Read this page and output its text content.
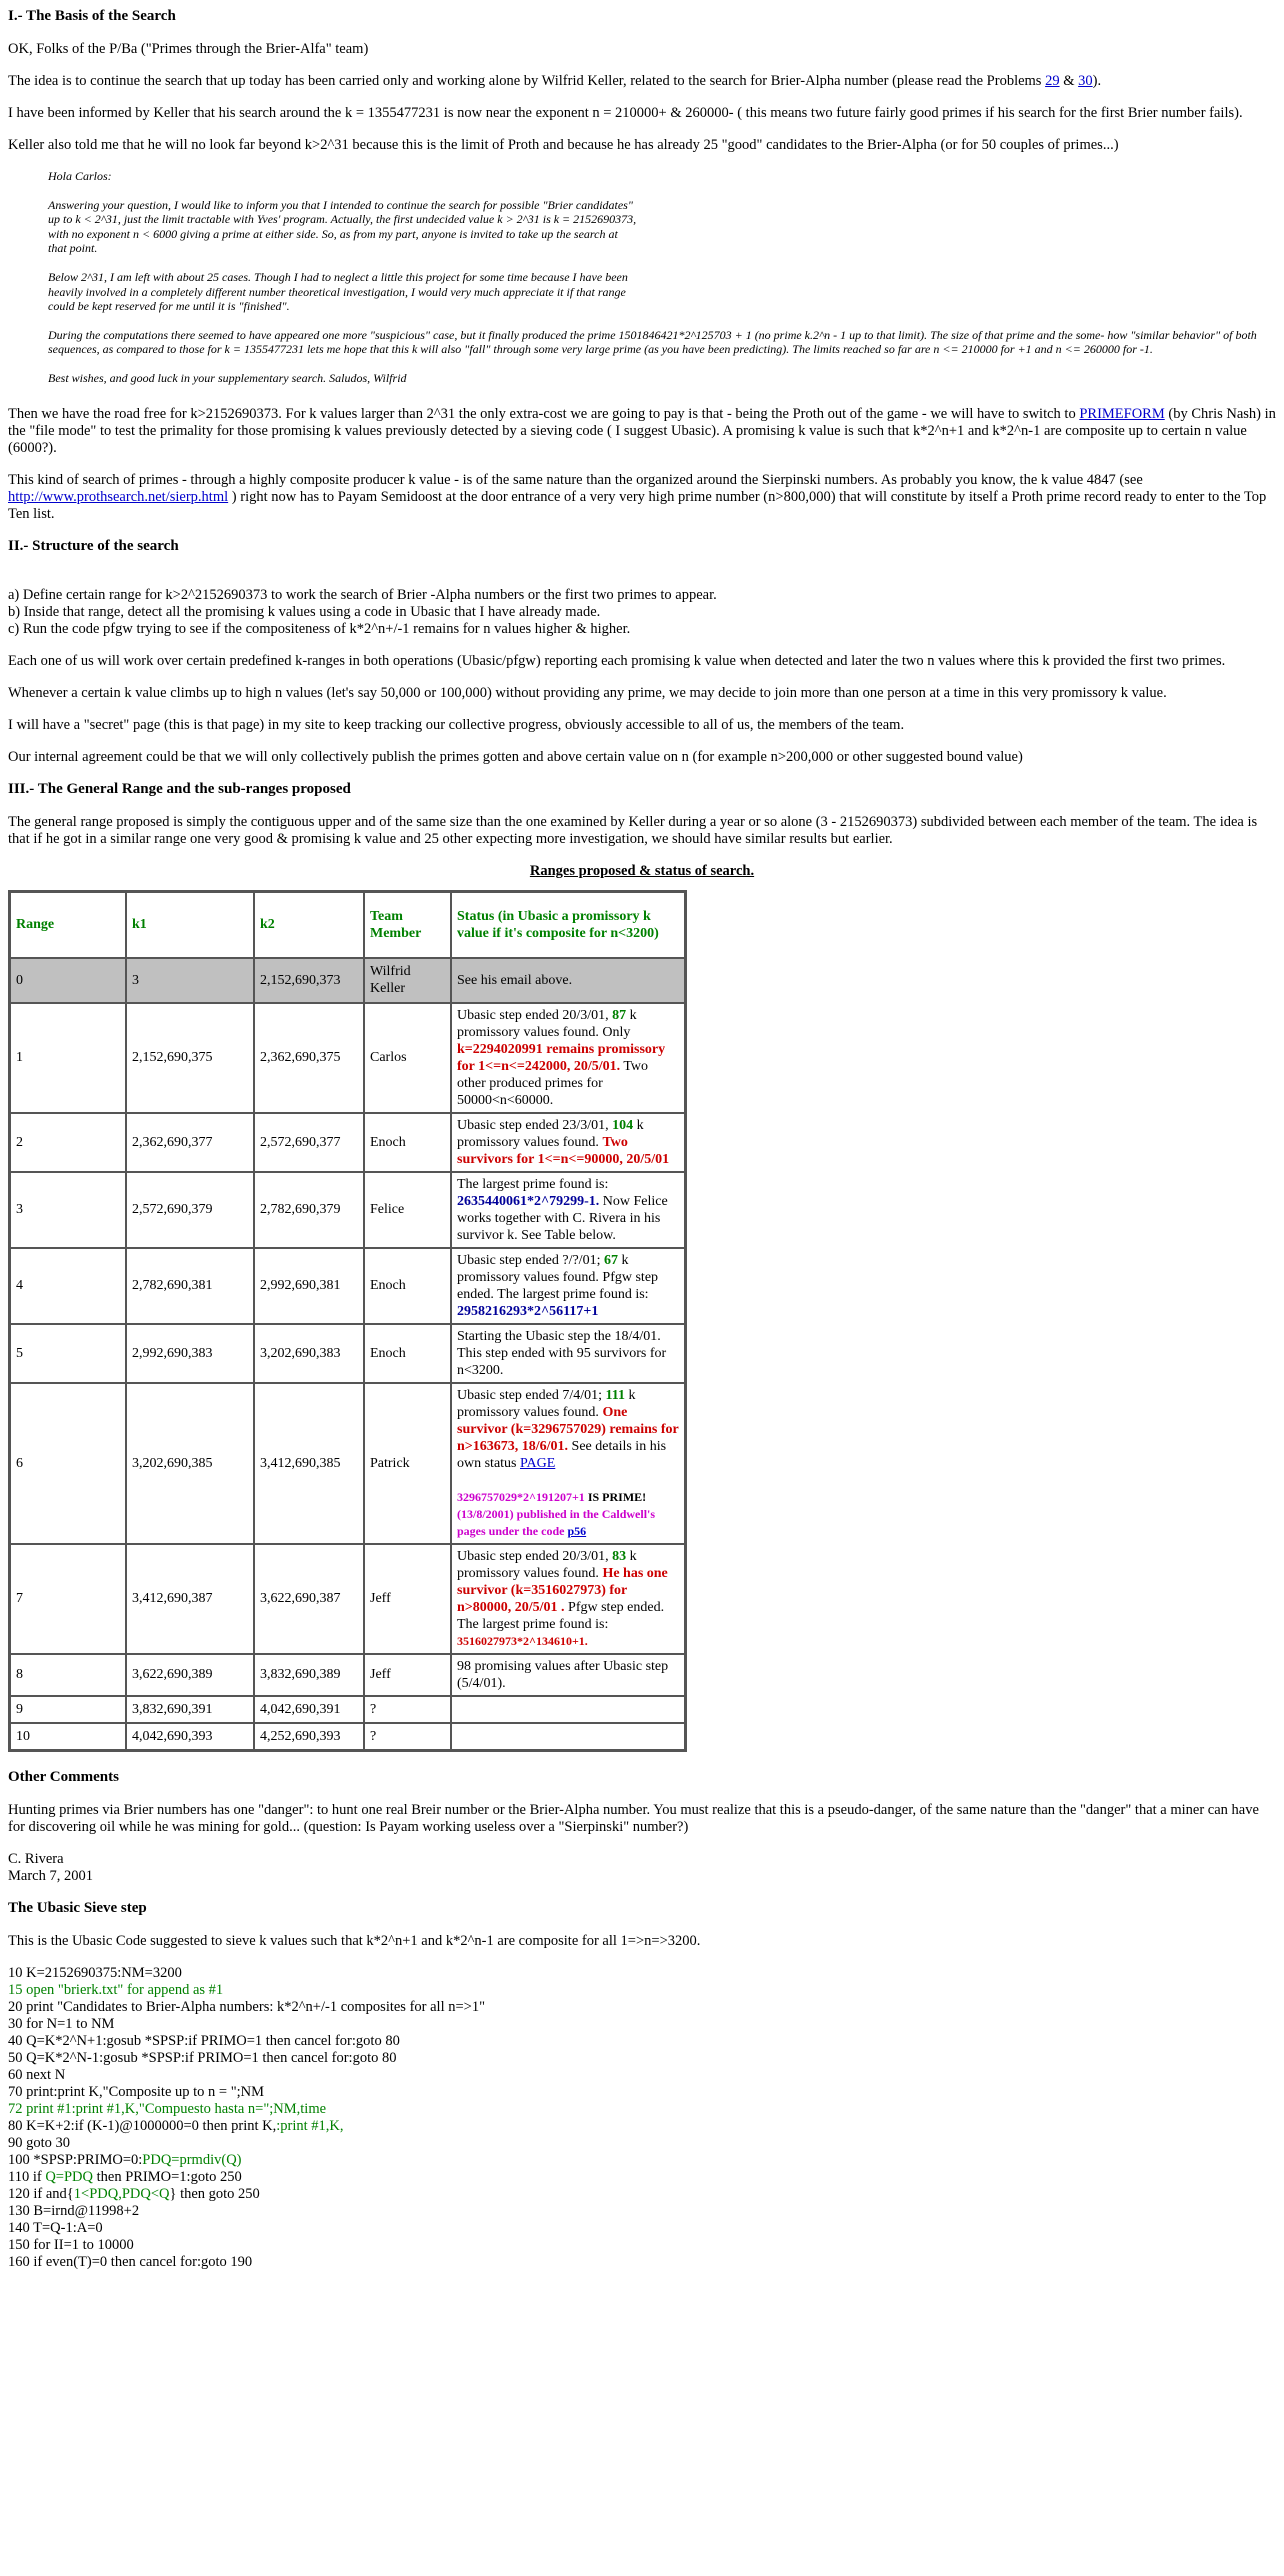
I.- The Basis of the Search

OK, Folks of the P/Ba ("Primes through the Brier-Alfa" team)

The idea is to continue the search that up today has been carried only and working alone by Wilfrid Keller, related to the search for Brier-Alpha number (please read the Problems 29 & 30).

I have been informed by Keller that his search around the k = 1355477231 is now near the exponent n = 210000+ & 260000- ( this means two future fairly good primes if his search for the first Brier number fails).

Keller also told me that he will no look far beyond k>2^31 because this is the limit of Proth and because he has already 25 "good" candidates to the Brier-Alpha (or for 50 couples of primes...)

Hola Carlos:

Answering your question, I would like to inform you that I intended to continue the search for possible "Brier candidates" up to k < 2^31, just the limit tractable with Yves' program. Actually, the first undecided value k > 2^31 is k = 2152690373, with no exponent n < 6000 giving a prime at either side. So, as from my part, anyone is invited to take up the search at that point.

Below 2^31, I am left with about 25 cases. Though I had to neglect a little this project for some time because I have been heavily involved in a completely different number theoretical investigation, I would very much appreciate it if that range could be kept reserved for me until it is "finished".

During the computations there seemed to have appeared one more "suspicious" case, but it finally produced the prime 1501846421*2^125703 + 1 (no prime k.2^n - 1 up to that limit). The size of that prime and the some- how "similar behavior" of both sequences, as compared to those for k = 1355477231 lets me hope that this k will also "fall" through some very large prime (as you have been predicting). The limits reached so far are n <= 210000 for +1 and n <= 260000 for -1.

Best wishes, and good luck in your supplementary search. Saludos, Wilfrid

Then we have the road free for k>2152690373. For k values larger than 2^31 the only extra-cost we are going to pay is that - being the Proth out of the game - we will have to switch to PRIMEFORM (by Chris Nash) in the "file mode" to test the primality for those promising k values previously detected by a sieving code ( I suggest Ubasic). A promising k value is such that k*2^n+1 and k*2^n-1 are composite up to certain n value (6000?).

This kind of search of primes - through a highly composite producer k value - is of the same nature than the organized around the Sierpinski numbers. As probably you know, the k value 4847 (see http://www.prothsearch.net/sierp.html ) right now has to Payam Semidoost at the door entrance of a very very high prime number (n>800,000) that will constitute by itself a Proth prime record ready to enter to the Top
Ten list.

II.- Structure of the search

a) Define certain range for k>2^2152690373 to work the search of Brier -Alpha numbers or the first two primes to appear.
b) Inside that range, detect all the promising k values using a code in Ubasic that I have already made.
c) Run the code pfgw trying to see if the compositeness of k*2^n+/-1 remains for n values higher & higher.

Each one of us will work over certain predefined k-ranges in both operations (Ubasic/pfgw) reporting each promising k value when detected and later the two n values where this k provided the first two primes.

Whenever a certain k value climbs up to high n values (let's say 50,000 or 100,000) without providing any prime, we may decide to join more than one person at a time in this very promissory k value.

I will have a "secret" page (this is that page) in my site to keep tracking our collective progress, obviously accessible to all of us, the members of the team.

Our internal agreement could be that we will only collectively publish the primes gotten and above certain value on n (for example n>200,000 or other suggested bound value)

III.- The General Range and the sub-ranges proposed

The general range proposed is simply the contiguous upper and of the same size than the one examined by Keller during a year or so alone (3 - 2152690373) subdivided between each member of the team. The idea is that if he got in a similar range one very good & promising k value and 25 other expecting more investigation, we should have similar results but earlier.

Ranges proposed & status of search.
Range	k1	k2	Team Member	Status (in Ubasic a promissory k value if it's composite for n<3200)
0	3	2,152,690,373	Wilfrid Keller	See his email above.
1	2,152,690,375	2,362,690,375	Carlos	Ubasic step ended 20/3/01, 87 k promissory values found. Only k=2294020991 remains promissory for 1<=n<=242000, 20/5/01. Two other produced primes for 50000<n<60000.
2	2,362,690,377	2,572,690,377	Enoch	Ubasic step ended 23/3/01, 104 k promissory values found. Two survivors for 1<=n<=90000, 20/5/01
3	2,572,690,379	2,782,690,379	Felice	The largest prime found is: 2635440061*2^79299-1. Now Felice works together with C. Rivera in his survivor k. See Table below.
4	2,782,690,381	2,992,690,381	Enoch	Ubasic step ended ?/?/01; 67 k promissory values found. Pfgw step ended. The largest prime found is: 2958216293*2^56117+1
5	2,992,690,383	3,202,690,383	Enoch	Starting the Ubasic step the 18/4/01. This step ended with 95 survivors for n<3200.
6	3,202,690,385	3,412,690,385	Patrick	Ubasic step ended 7/4/01; 111 k promissory values found. One survivor (k=3296757029) remains for n>163673, 18/6/01. See details in his own status PAGE

3296757029*2^191207+1 IS PRIME!
(13/8/2001) published in the Caldwell's pages under the code p56
7	3,412,690,387	3,622,690,387	Jeff	Ubasic step ended 20/3/01, 83 k promissory values found. He has one survivor (k=3516027973) for n>80000, 20/5/01 . Pfgw step ended. The largest prime found is: 3516027973*2^134610+1.
8	3,622,690,389	3,832,690,389	Jeff	98 promising values after Ubasic step (5/4/01).
9	3,832,690,391	4,042,690,391	?	
10	4,042,690,393	4,252,690,393	?	
Other Comments

Hunting primes via Brier numbers has one "danger": to hunt one real Breir number or the Brier-Alpha number. You must realize that this is a pseudo-danger, of the same nature than the "danger" that a miner can have for discovering oil while he was mining for gold... (question: Is Payam working useless over a "Sierpinski" number?)

C. Rivera
March 7, 2001

The Ubasic Sieve step

This is the Ubasic Code suggested to sieve k values such that k*2^n+1 and k*2^n-1 are composite for all 1=>n=>3200.

10 K=2152690375:NM=3200
15 open "brierk.txt" for append as #1
20 print "Candidates to Brier-Alpha numbers: k*2^n+/-1 composites for all n=>1"
30 for N=1 to NM
40 Q=K*2^N+1:gosub *SPSP:if PRIMO=1 then cancel for:goto 80
50 Q=K*2^N-1:gosub *SPSP:if PRIMO=1 then cancel for:goto 80
60 next N
70 print:print K,"Composite up to n = ";NM
72 print #1:print #1,K,"Compuesto hasta n=";NM,time
80 K=K+2:if (K-1)@1000000=0 then print K,:print #1,K,
90 goto 30
100 *SPSP:PRIMO=0:PDQ=prmdiv(Q)
110 if Q=PDQ then PRIMO=1:goto 250
120 if and{1<PDQ,PDQ<Q} then goto 250
130 B=irnd@11998+2
140 T=Q-1:A=0
150 for II=1 to 10000
160 if even(T)=0 then cancel for:goto 190
